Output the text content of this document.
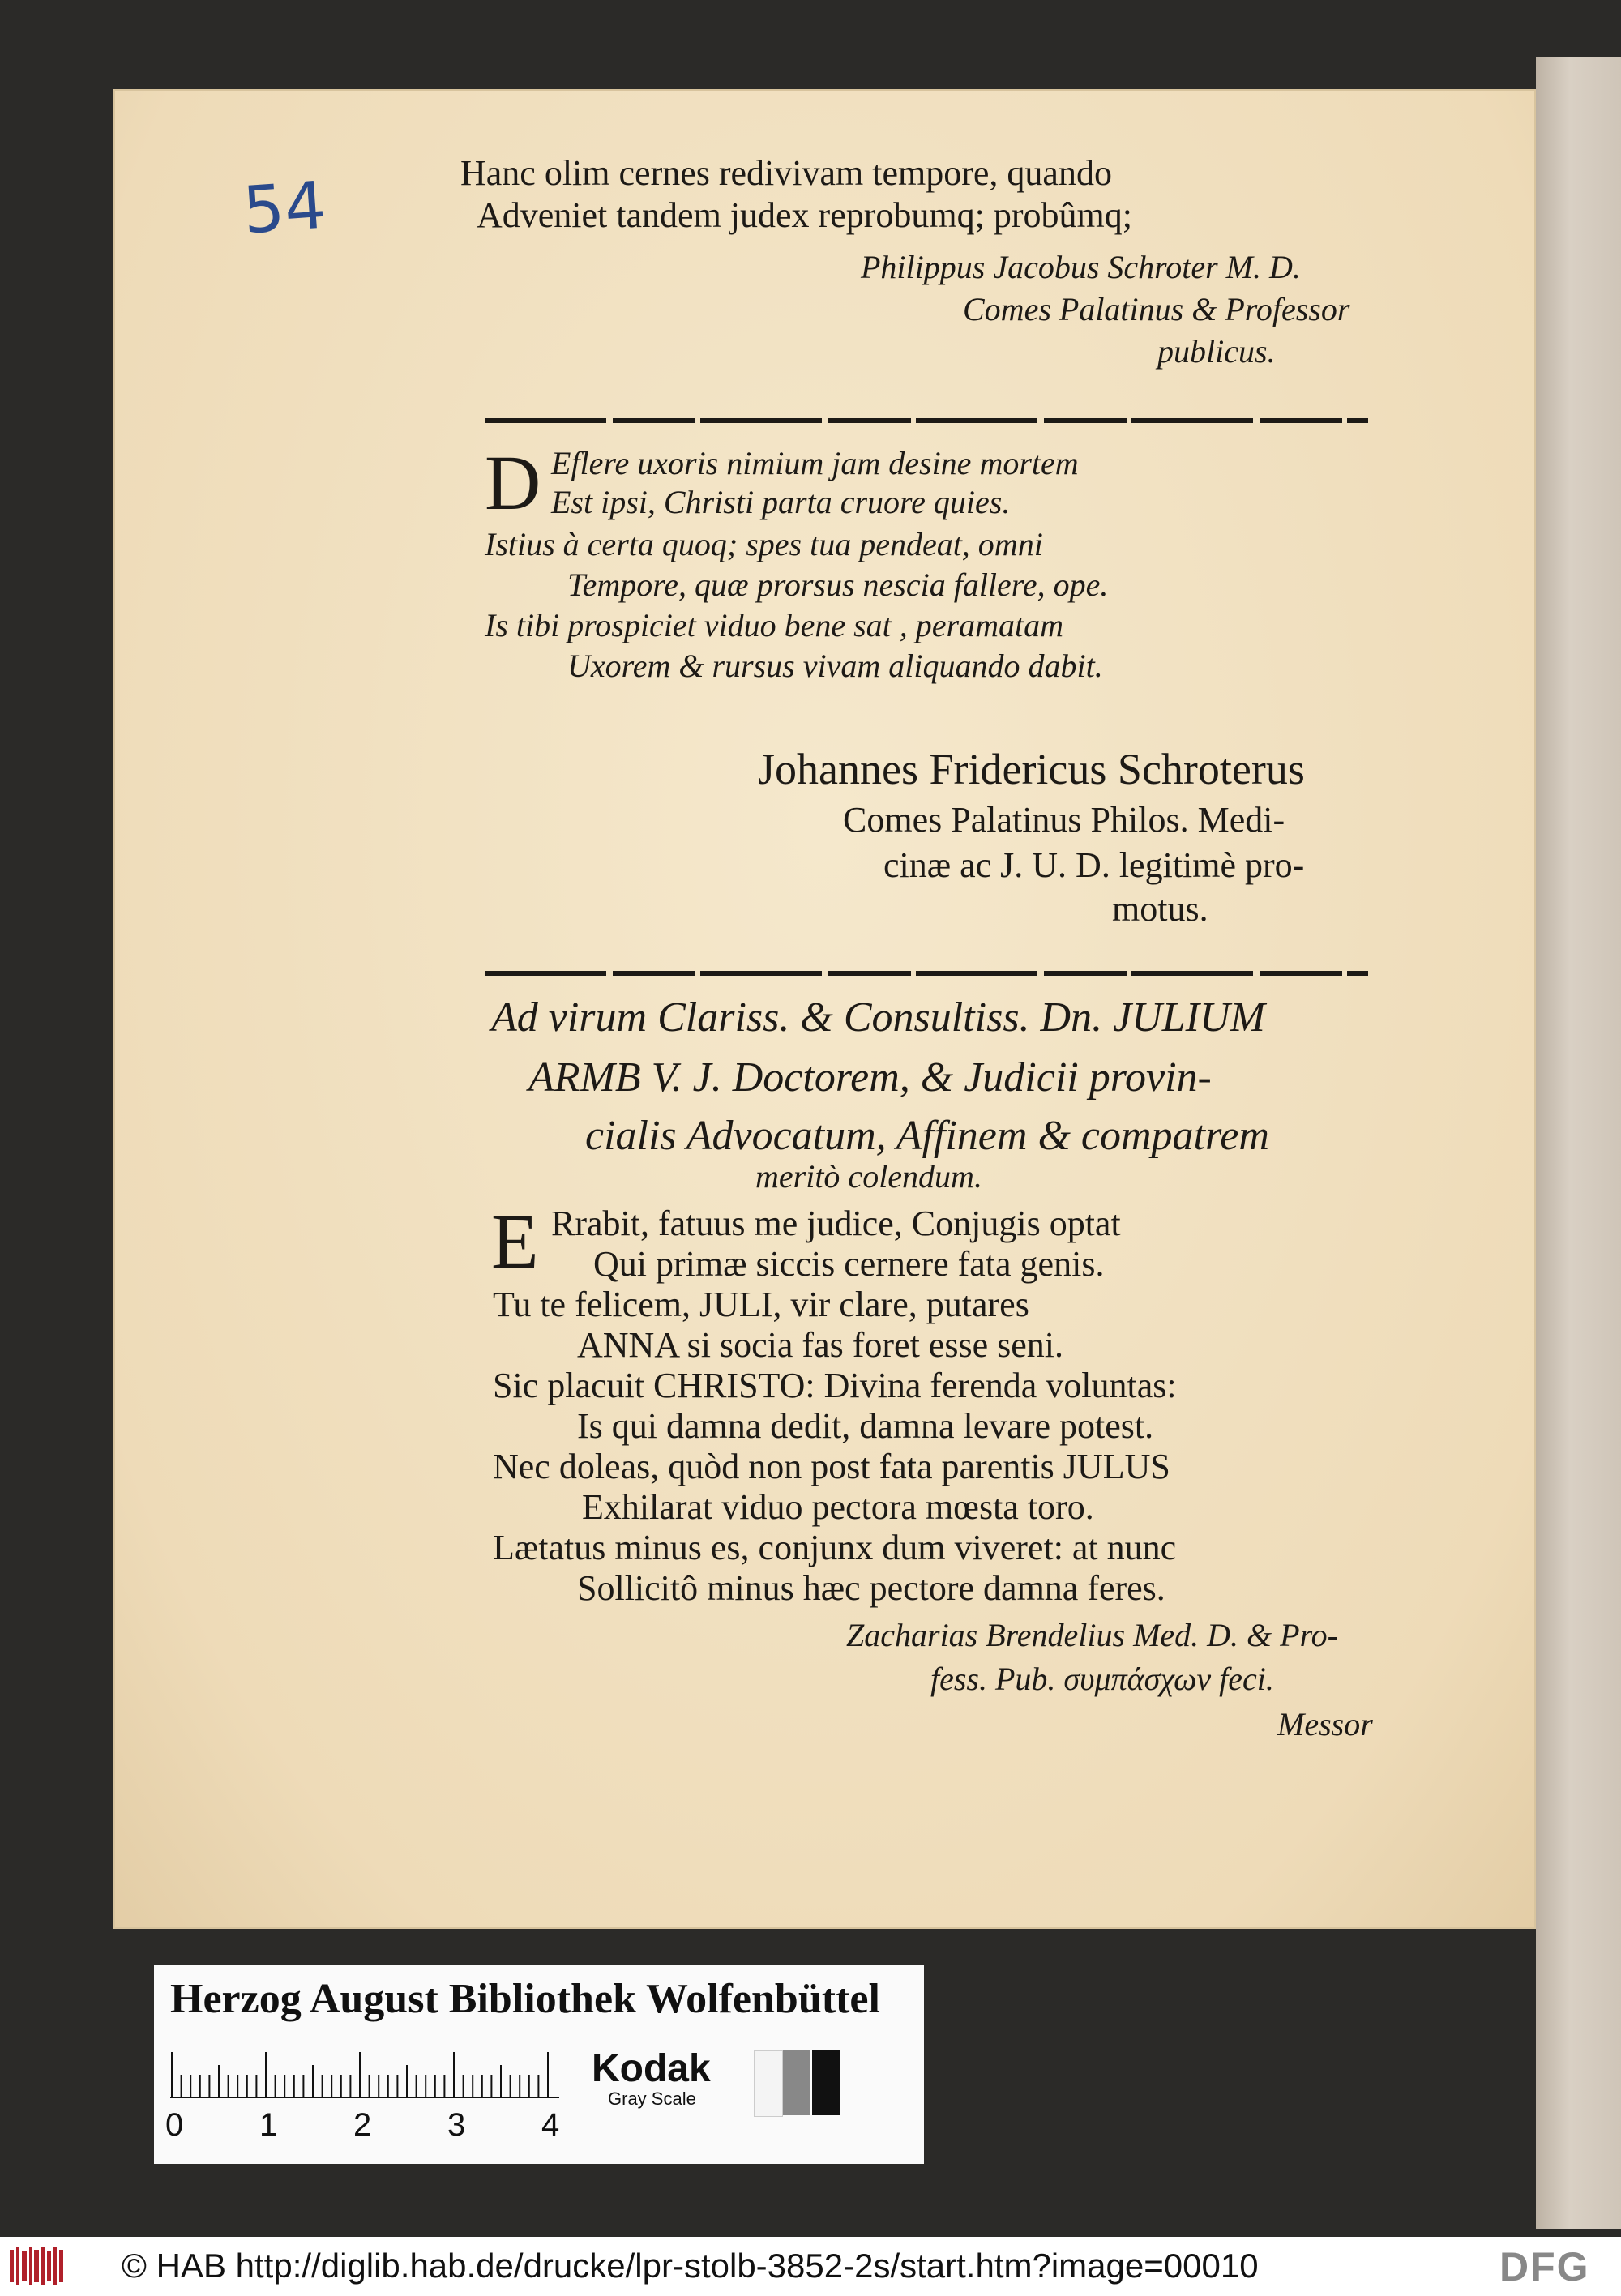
54	Hanc olim cernes redivivam tempore, quando
Adveniet tandem judex reprobumq; probûmq;
Philippus Jacobus Schroter M. D.
Comes Palatinus & Professor
publicus.
D Eflere uxoris nimium jam desine mortem
Est ipsi, Christi parta cruore quies.
Istius à certa quoq; spes tua pendeat, omni
Tempore, quæ prorsus nescia fallere, ope.
Is tibi prospiciet viduo bene sat , peramatam
Uxorem & rursus vivam aliquando dabit.
Johannes Fridericus Schroterus
Comes Palatinus Philos. Medi-
cinæ ac J. U. D. legitimè pro-
motus.
Ad virum Clariss. & Consultiss. Dn. JULIUM
ARMB V. J. Doctorem, & Judicii provin-
cialis Advocatum, Affinem & compatrem
meritò colendum.
E Rrabit, fatuus me judice, Conjugis optat
Qui primæ siccis cernere fata genis.
Tu te felicem, JULI, vir clare, putares
ANNA si socia fas foret esse seni.
Sic placuit CHRISTO: Divina ferenda voluntas:
Is qui damna dedit, damna levare potest.
Nec doleas, quòd non post fata parentis JULUS
Exhilarat viduo pectora mœsta toro.
Lætatus minus es, conjunx dum viveret: at nunc
Sollicitô minus hæc pectore damna feres.
Zacharias Brendelius Med. D. & Pro-
fess. Pub. συμπάσχων feci.
Messor
Herzog August Bibliothek Wolfenbüttel
0 1 2 3 4
Kodak
Gray Scale
© HAB http://diglib.hab.de/drucke/lpr-stolb-3852-2s/start.htm?image=00010	DFG
